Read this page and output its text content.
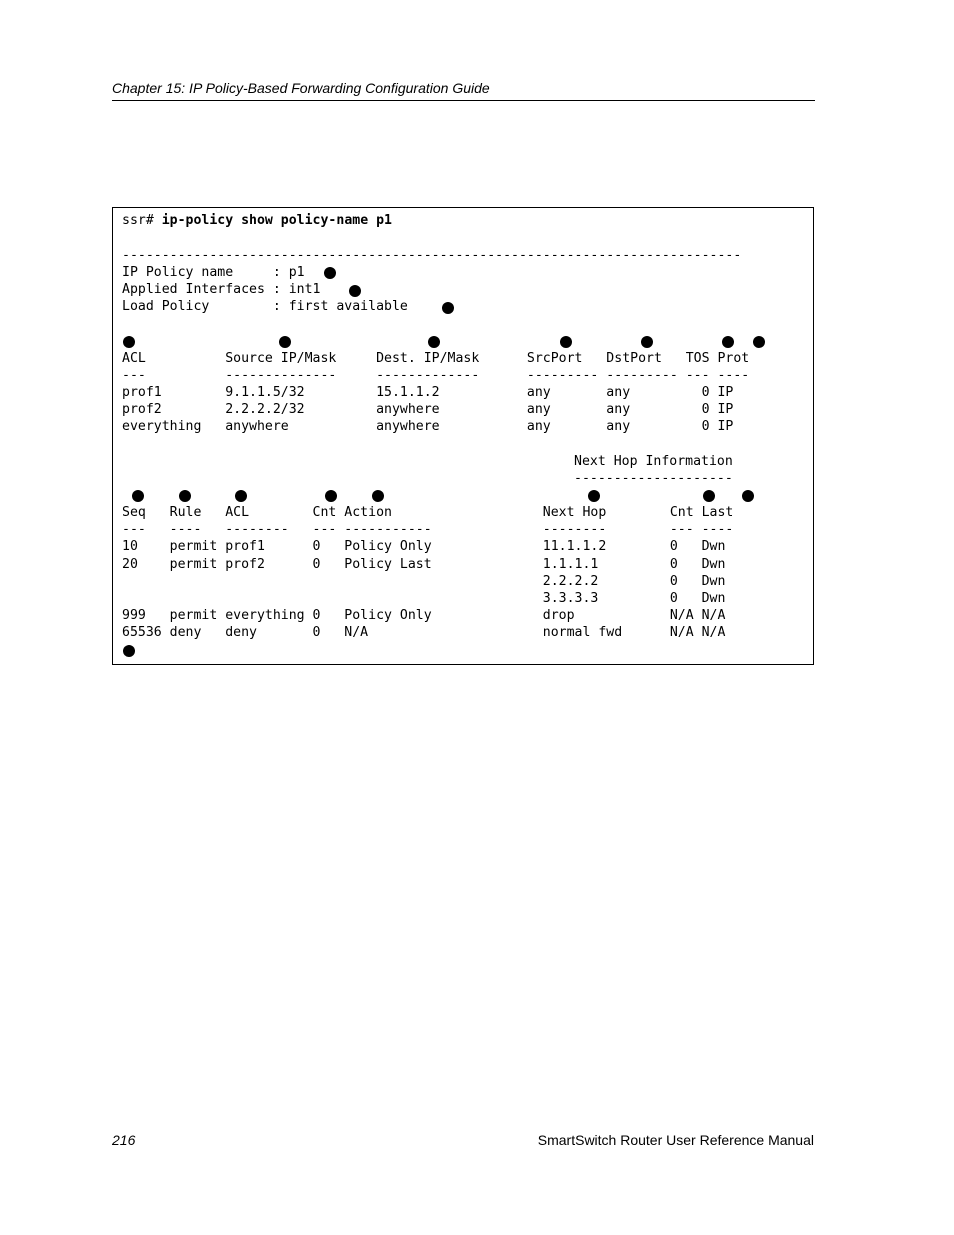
Chapter 15: IP Policy-Based Forwarding Configuration Guide
ssr# ip-policy show policy-name p1
------------------------------------------------------------------------------
IP Policy name     : p1
Applied Interfaces : int1
Load Policy        : first available
ACL          Source IP/Mask     Dest. IP/Mask      SrcPort   DstPort   TOS Prot
---          --------------     -------------      --------- --------- --- ----
prof1        9.1.1.5/32         15.1.1.2           any       any         0 IP
prof2        2.2.2.2/32         anywhere           any       any         0 IP
everything   anywhere           anywhere           any       any         0 IP
Next Hop Information
--------------------
Seq   Rule   ACL        Cnt Action                   Next Hop        Cnt Last
---   ----   --------   --- -----------              --------        --- ----
10    permit prof1      0   Policy Only              11.1.1.2        0   Dwn
20    permit prof2      0   Policy Last              1.1.1.1         0   Dwn
2.2.2.2         0   Dwn
3.3.3.3         0   Dwn
999   permit everything 0   Policy Only              drop            N/A N/A
65536 deny   deny       0   N/A                      normal fwd      N/A N/A
216	SmartSwitch Router User Reference Manual
